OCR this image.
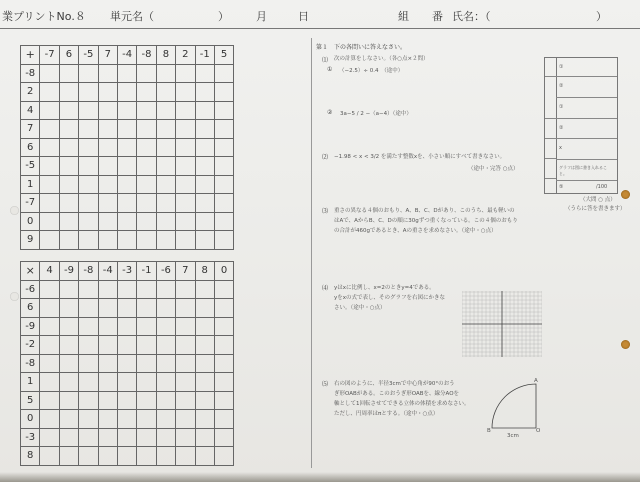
業プリントNo.８ 単元名（	） 月	日	組 番 氏名：（	）
+	-7	6	-5	7	-4	-8	8	2	-1	5
-8										
2										
4										
7										
6										
-5										
1										
-7										
0										
9										
×	4	-9	-8	-4	-3	-1	-6	7	8	0
-6										
6										
-9										
-2										
-8										
1										
5										
0										
-3										
8										
第１　下の各問いに答えなさい。
⑴ 次の計算をしなさい。（各○点×２問）
① （−2.5）÷ 0.4　（途中）
② 3a−5 / 2 −（a−4）（途中）
⑵ −1.98 < x < 3/2 を満たす整数xを、小さい順にすべて書きなさい。
（途中・完答 ○点）
⑶ 重さの異なる４個のおもり、A、B、C、Dがあり、このうち、最も軽いの
はAで、AからB、C、Dの順に30gずつ重くなっている。この４個のおもり
の合計が460gであるとき、Aの重さを求めなさい。（途中・○点）
⑷ yはxに比例し、x=2のときy=4である。
yをxの式で表し、そのグラフを右図にかきな
さい。（途中・○点）
⑸ 右の図のように、半径3cmで中心角が90°のおう
ぎ形OABがある。このおうぎ形OABを、線分AOを
軸として1回転させてできる立体の体積を求めなさい。
ただし、円周率はπとする。（途中・○点）
A
B	O
3cm
①
②
①
②
x
グラフは図に書き入れること。
⑤	/100
（大問 ○ 点）
（うらに答を書きます）
